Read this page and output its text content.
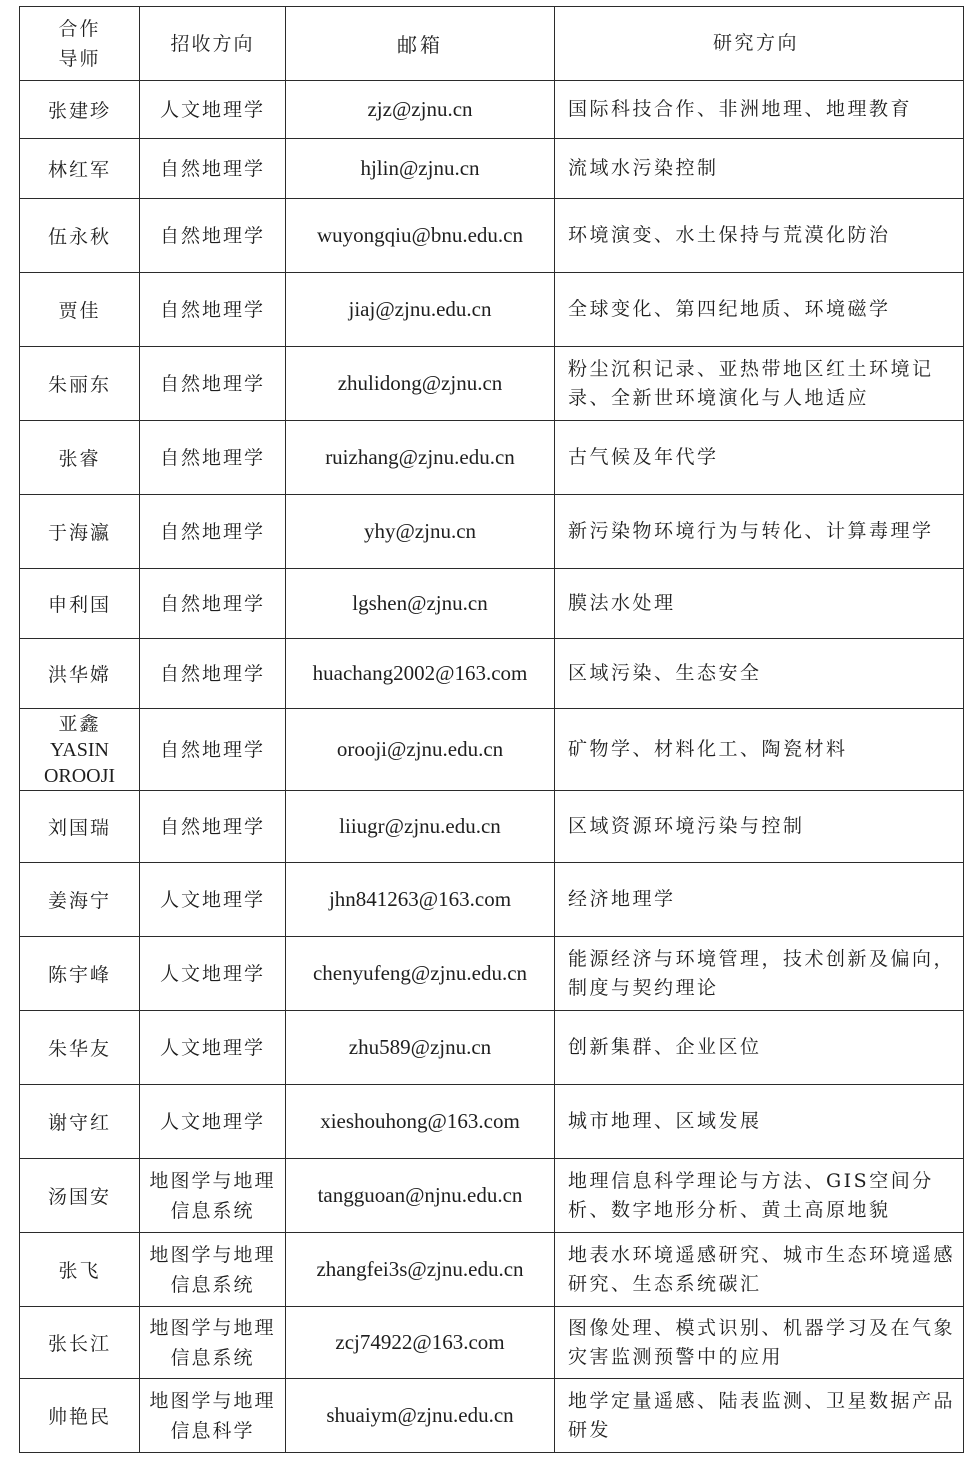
合作
导师	招收方向	邮箱	研究方向
张建珍	人文地理学	zjz@zjnu.cn	国际科技合作、非洲地理、地理教育
林红军	自然地理学	hjlin@zjnu.cn	流域水污染控制
伍永秋	自然地理学	wuyongqiu@bnu.edu.cn	环境演变、水土保持与荒漠化防治
贾佳	自然地理学	jiaj@zjnu.edu.cn	全球变化、第四纪地质、环境磁学
朱丽东	自然地理学	zhulidong@zjnu.cn	粉尘沉积记录、亚热带地区红土环境记录、全新世环境演化与人地适应
张睿	自然地理学	ruizhang@zjnu.edu.cn	古气候及年代学
于海瀛	自然地理学	yhy@zjnu.cn	新污染物环境行为与转化、计算毒理学
申利国	自然地理学	lgshen@zjnu.cn	膜法水处理
洪华嫦	自然地理学	huachang2002@163.com	区域污染、生态安全

亚鑫
YASIN
OROOJI	自然地理学	orooji@zjnu.edu.cn	矿物学、材料化工、陶瓷材料
刘国瑞	自然地理学	liiugr@zjnu.edu.cn	区域资源环境污染与控制
姜海宁	人文地理学	jhn841263@163.com	经济地理学
陈宇峰	人文地理学	chenyufeng@zjnu.edu.cn	能源经济与环境管理，技术创新及偏向，制度与契约理论
朱华友	人文地理学	zhu589@zjnu.cn	创新集群、企业区位
谢守红	人文地理学	xieshouhong@163.com	城市地理、区域发展
汤国安	地图学与地理信息系统	tangguoan@njnu.edu.cn	地理信息科学理论与方法、GIS空间分析、数字地形分析、黄土高原地貌
张飞	地图学与地理信息系统	zhangfei3s@zjnu.edu.cn	地表水环境遥感研究、城市生态环境遥感研究、生态系统碳汇
张长江	地图学与地理信息系统	zcj74922@163.com	图像处理、模式识别、机器学习及在气象灾害监测预警中的应用
帅艳民	地图学与地理信息科学	shuaiym@zjnu.edu.cn	地学定量遥感、陆表监测、卫星数据产品研发
